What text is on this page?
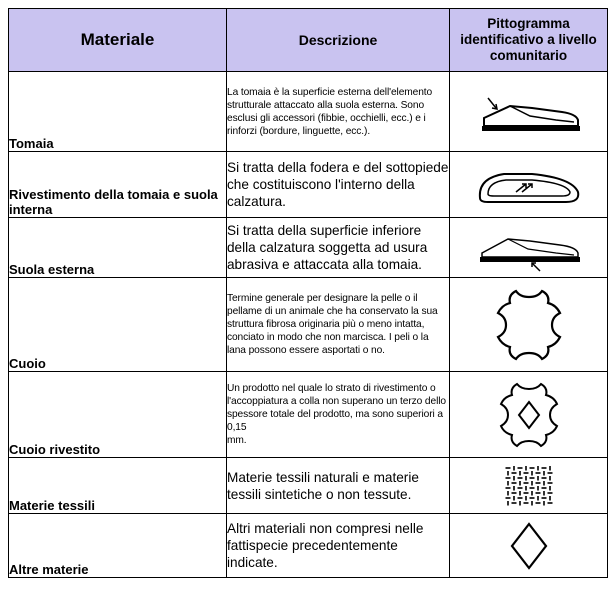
Materiale	Descrizione	Pittogramma identificativo a livello comunitario
Tomaia	La tomaia è la superficie esterna dell'elemento strutturale attaccato alla suola esterna. Sono esclusi gli accessori (fibbie, occhielli, ecc.) e i rinforzi (bordure, linguette, ecc.).	

Rivestimento della tomaia e suola interna	Si tratta della fodera e del sottopiede che costituiscono l'interno della calzatura.	

Suola esterna	Si tratta della superficie inferiore della calzatura soggetta ad usura abrasiva e attaccata alla tomaia.	

Cuoio	Termine generale per designare la pelle o il pellame di un animale che ha conservato la sua struttura fibrosa originaria più o meno intatta, conciato in modo che non marcisca. I peli o la lana possono essere asportati o no.	

Cuoio rivestito	Un prodotto nel quale lo strato di rivestimento o l'accoppiatura a colla non superano un terzo dello spessore totale del prodotto, ma sono superiori a
0,15
mm.

Materie tessili	Materie tessili naturali e materie tessili sintetiche o non tessute.	

Altre materie	Altri materiali non compresi nelle fattispecie precedentemente indicate.	
